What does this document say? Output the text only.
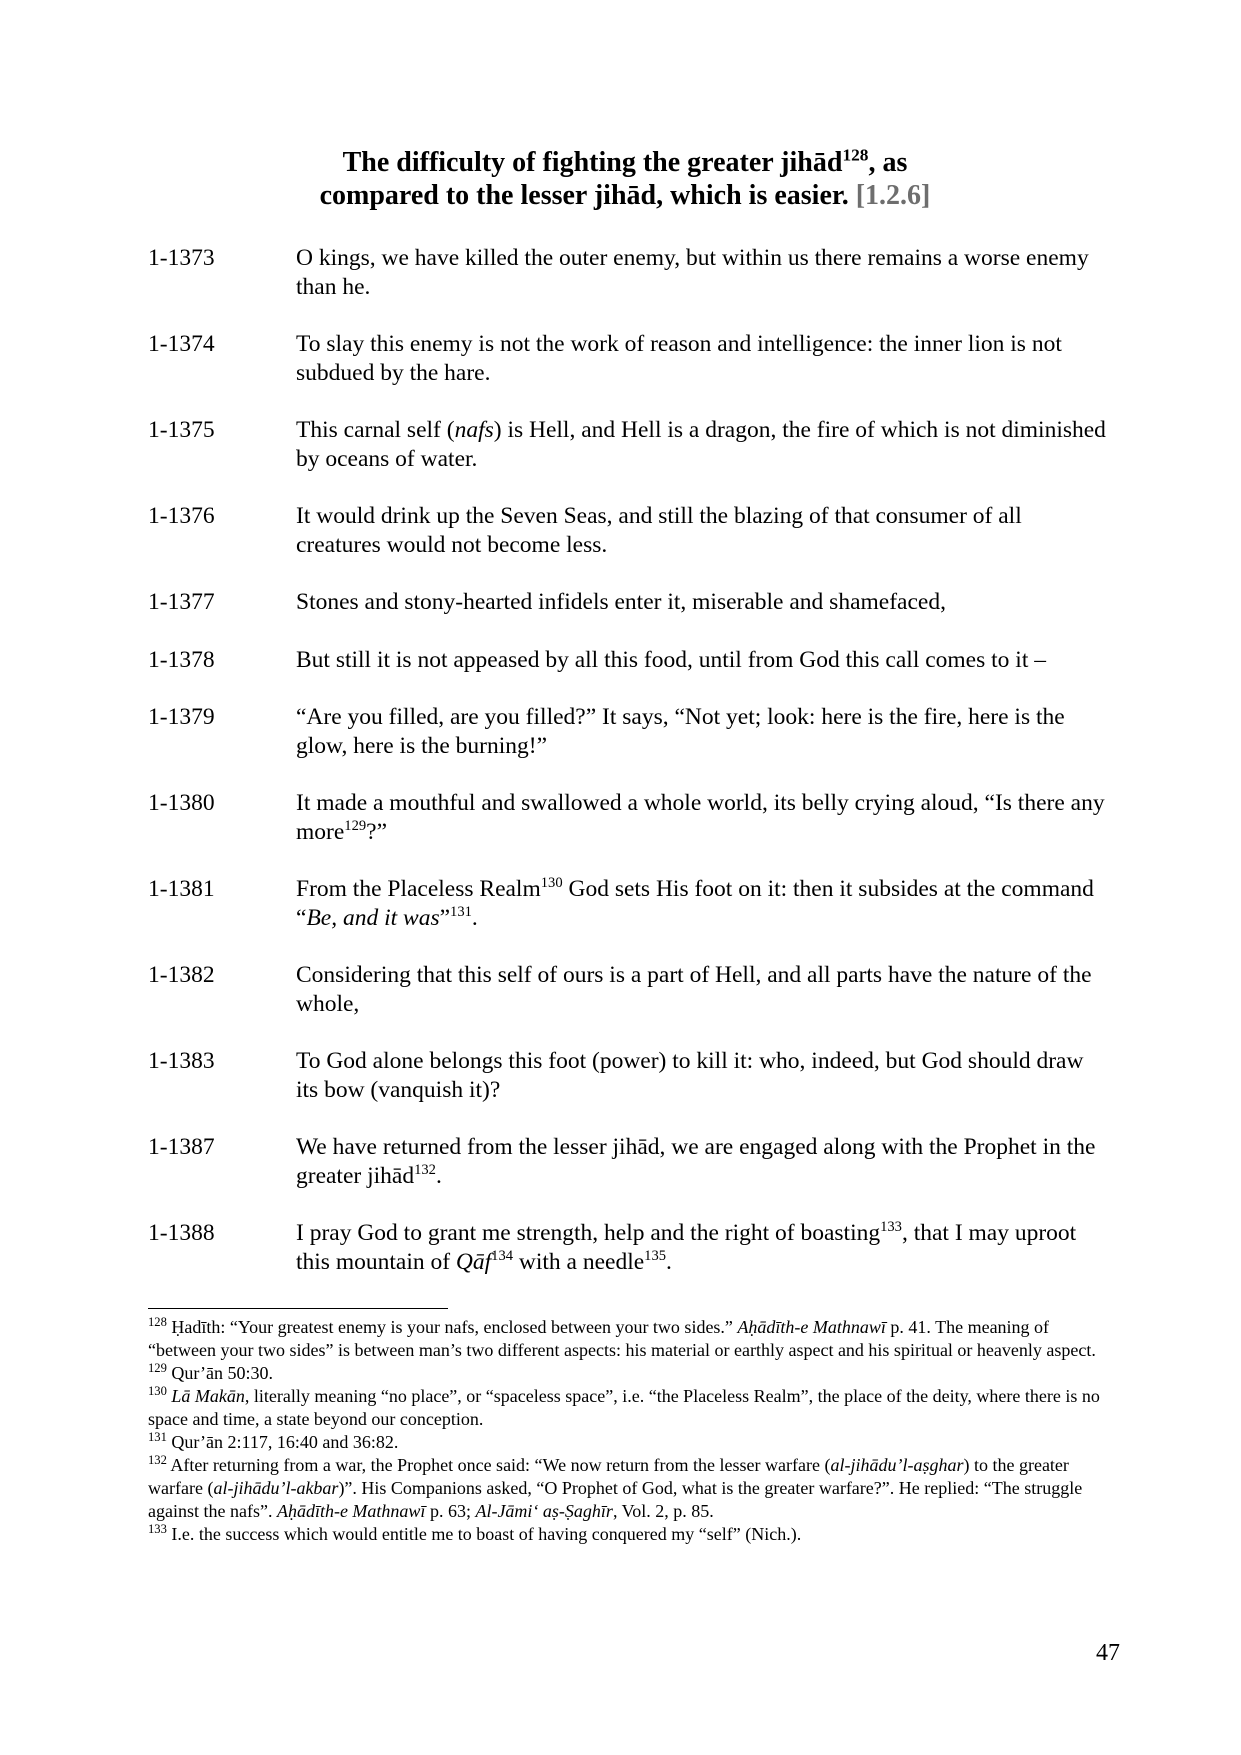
The difficulty of fighting the greater jihād$^{128}$, as
compared to the lesser jihād, which is easier. [1.2.6]
1-1373	O kings, we have killed the outer enemy, but within us there remains a worse enemy than he.
1-1374	To slay this enemy is not the work of reason and intelligence: the inner lion is not subdued by the hare.
1-1375	This carnal self (nafs) is Hell, and Hell is a dragon, the fire of which is not diminished by oceans of water.
1-1376	It would drink up the Seven Seas, and still the blazing of that consumer of all creatures would not become less.
1-1377	Stones and stony-hearted infidels enter it, miserable and shamefaced,
1-1378	But still it is not appeased by all this food, until from God this call comes to it –
1-1379	“Are you filled, are you filled?” It says, “Not yet; look: here is the fire, here is the glow, here is the burning!”
1-1380	It made a mouthful and swallowed a whole world, its belly crying aloud, “Is there any more$^{129}$?”
1-1381	From the Placeless Realm$^{130}$ God sets His foot on it: then it subsides at the command “Be, and it was”$^{131}$.
1-1382	Considering that this self of ours is a part of Hell, and all parts have the nature of the whole,
1-1383	To God alone belongs this foot (power) to kill it: who, indeed, but God should draw its bow (vanquish it)?
1-1387	We have returned from the lesser jihād, we are engaged along with the Prophet in the greater jihād$^{132}$.
1-1388	I pray God to grant me strength, help and the right of boasting$^{133}$, that I may uproot this mountain of Qāf$^{134}$ with a needle$^{135}$.

$^{128}$ Ḥadīth: “Your greatest enemy is your nafs, enclosed between your two sides.” Aḥādīth-e Mathnawī p. 41. The meaning of “between your two sides” is between man’s two different aspects: his material or earthly aspect and his spiritual or heavenly aspect.

$^{129}$ Qur’ān 50:30.

$^{130}$ Lā Makān, literally meaning “no place”, or “spaceless space”, i.e. “the Placeless Realm”, the place of the deity, where there is no space and time, a state beyond our conception.

$^{131}$ Qur’ān 2:117, 16:40 and 36:82.

$^{132}$ After returning from a war, the Prophet once said: “We now return from the lesser warfare (al-jihādu’l-aṣghar) to the greater warfare (al-jihādu’l-akbar)”. His Companions asked, “O Prophet of God, what is the greater warfare?”. He replied: “The struggle against the nafs”. Aḥādīth-e Mathnawī p. 63; Al-Jāmi‘ aṣ-Ṣaghīr, Vol. 2, p. 85.

$^{133}$ I.e. the success which would entitle me to boast of having conquered my “self” (Nich.).

47
